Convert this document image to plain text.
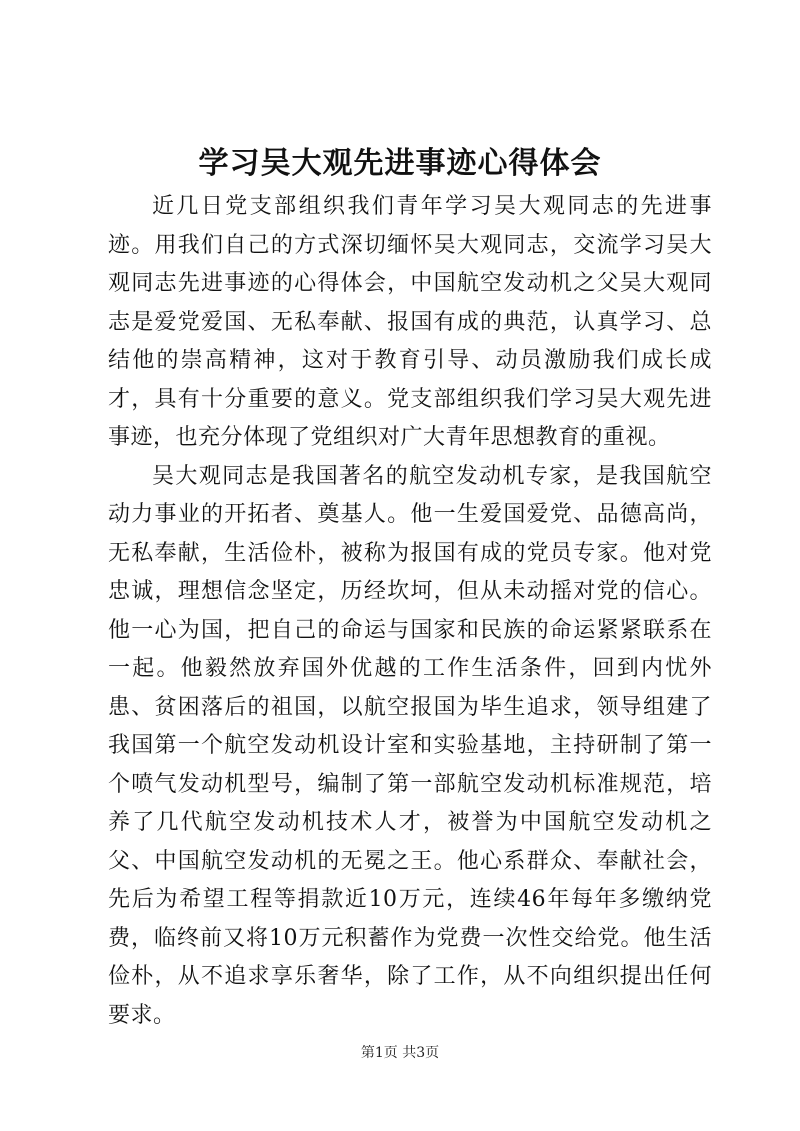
学习吴大观先进事迹心得体会

近几日党支部组织我们青年学习吴大观同志的先进事迹。用我们自己的方式深切缅怀吴大观同志，交流学习吴大观同志先进事迹的心得体会，中国航空发动机之父吴大观同志是爱党爱国、无私奉献、报国有成的典范，认真学习、总结他的崇高精神，这对于教育引导、动员激励我们成长成才，具有十分重要的意义。党支部组织我们学习吴大观先进事迹，也充分体现了党组织对广大青年思想教育的重视。

吴大观同志是我国著名的航空发动机专家，是我国航空动力事业的开拓者、奠基人。他一生爱国爱党、品德高尚，无私奉献，生活俭朴，被称为报国有成的党员专家。他对党忠诚，理想信念坚定，历经坎坷，但从未动摇对党的信心。他一心为国，把自己的命运与国家和民族的命运紧紧联系在一起。他毅然放弃国外优越的工作生活条件，回到内忧外患、贫困落后的祖国，以航空报国为毕生追求，领导组建了我国第一个航空发动机设计室和实验基地，主持研制了第一个喷气发动机型号，编制了第一部航空发动机标准规范，培养了几代航空发动机技术人才，被誉为中国航空发动机之父、中国航空发动机的无冕之王。他心系群众、奉献社会，先后为希望工程等捐款近10万元，连续46年每年多缴纳党费，临终前又将10万元积蓄作为党费一次性交给党。他生活俭朴，从不追求享乐奢华，除了工作，从不向组织提出任何要求。

第1页 共3页
